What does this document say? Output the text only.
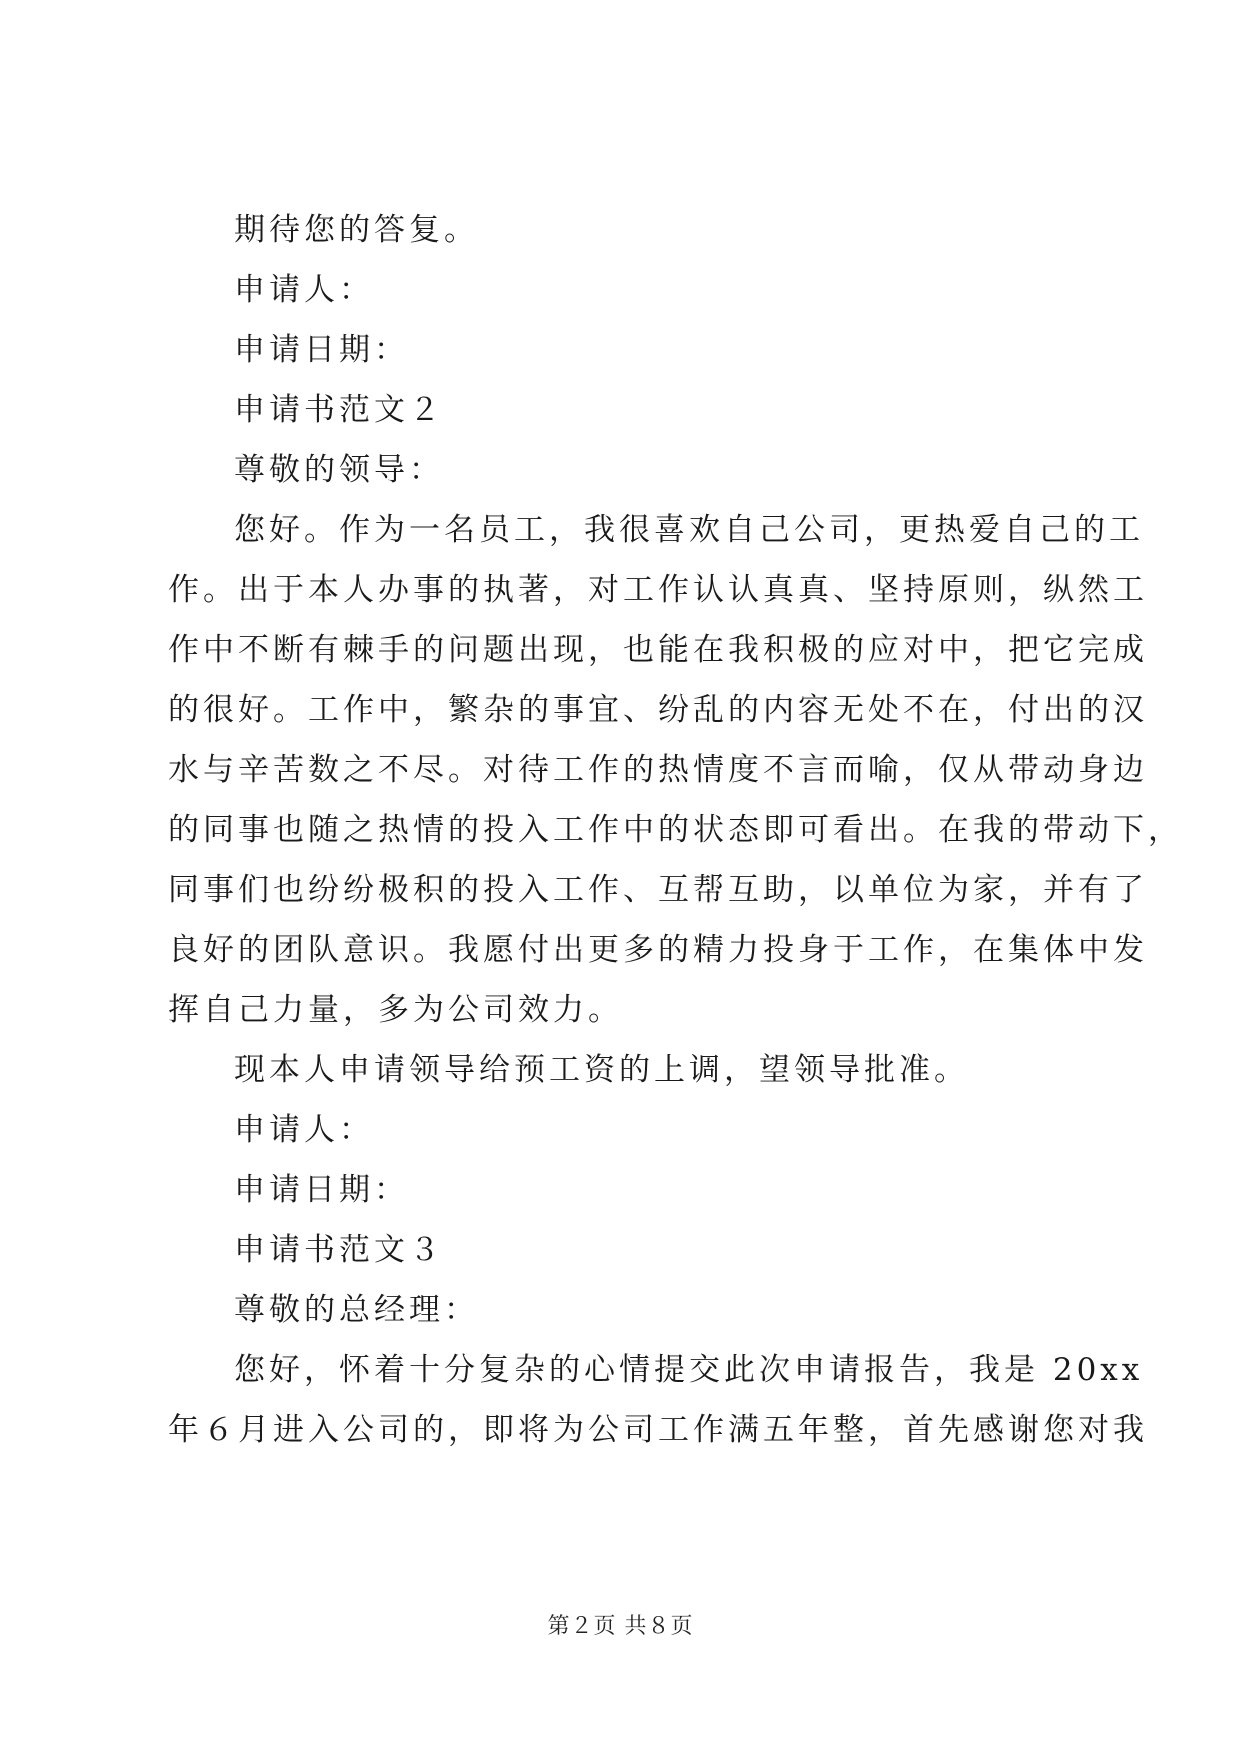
期待您的答复。
申请人：
申请日期：
申请书范文２
尊敬的领导：
您好。作为一名员工，我很喜欢自己公司，更热爱自己的工
作。出于本人办事的执著，对工作认认真真、坚持原则，纵然工
作中不断有棘手的问题出现，也能在我积极的应对中，把它完成
的很好。工作中，繁杂的事宜、纷乱的内容无处不在，付出的汉
水与辛苦数之不尽。对待工作的热情度不言而喻，仅从带动身边
的同事也随之热情的投入工作中的状态即可看出。在我的带动下，
同事们也纷纷极积的投入工作、互帮互助，以单位为家，并有了
良好的团队意识。我愿付出更多的精力投身于工作，在集体中发
挥自己力量，多为公司效力。
现本人申请领导给预工资的上调，望领导批准。
申请人：
申请日期：
申请书范文３
尊敬的总经理：
您好，怀着十分复杂的心情提交此次申请报告，我是 20xx
年６月进入公司的，即将为公司工作满五年整，首先感谢您对我
第２页 共８页
